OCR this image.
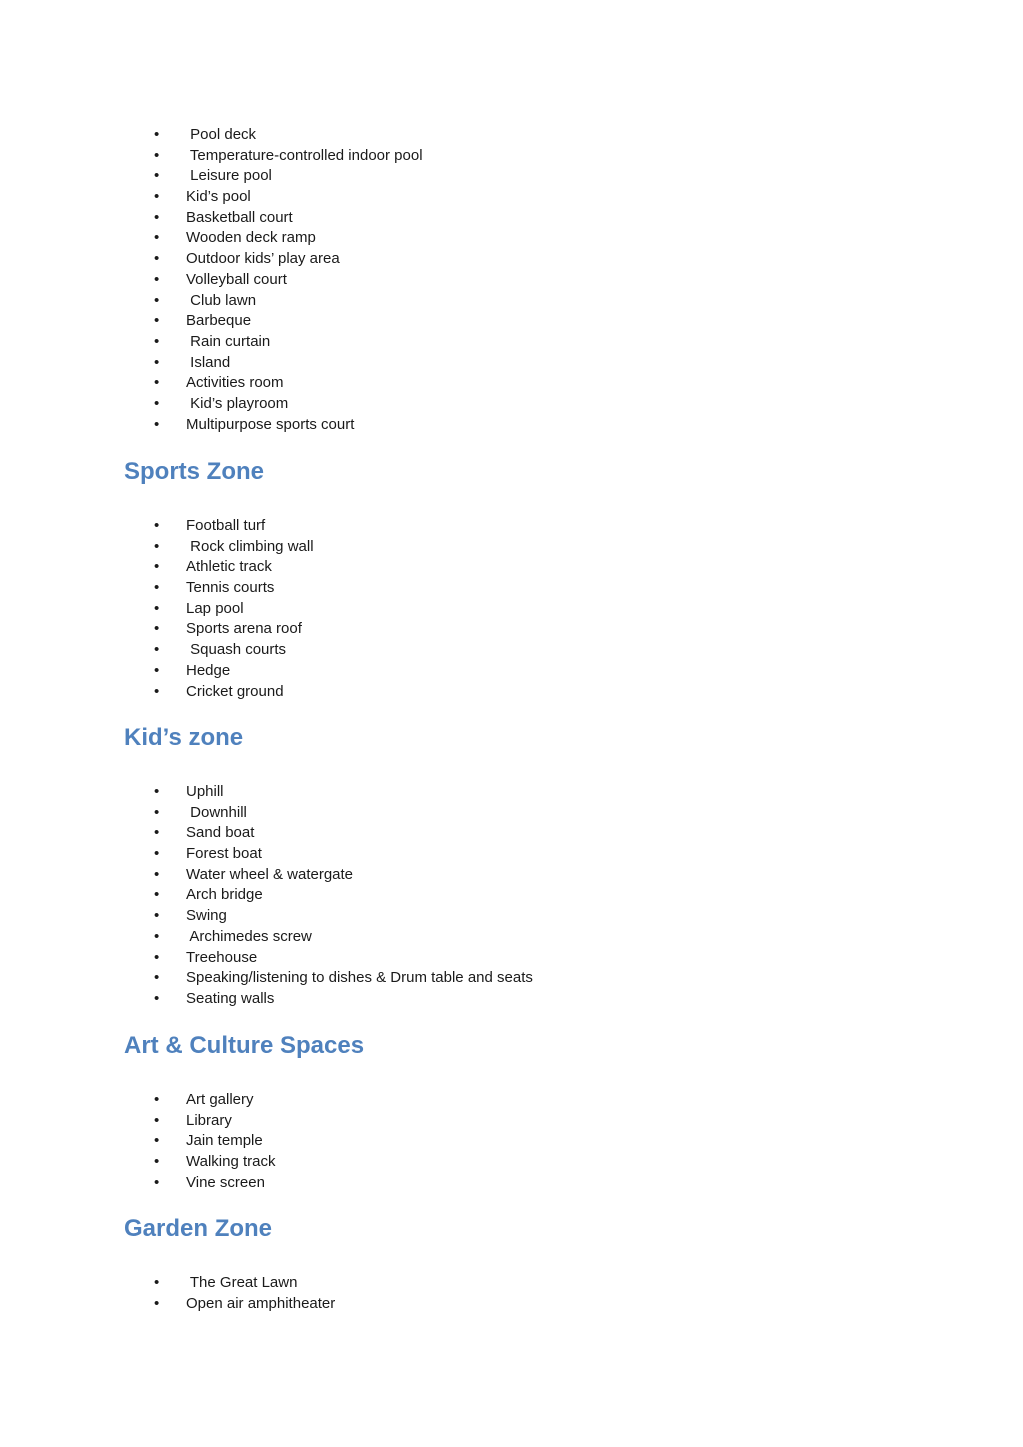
•  Pool deck
•  Temperature-controlled indoor pool
•  Leisure pool
• Kid’s pool
• Basketball court
• Wooden deck ramp
• Outdoor kids’ play area
• Volleyball court
•  Club lawn
• Barbeque
•  Rain curtain
•  Island
• Activities room
•  Kid’s playroom
• Multipurpose sports court
Sports Zone
• Football turf
•  Rock climbing wall
• Athletic track
• Tennis courts
• Lap pool
• Sports arena roof
•  Squash courts
• Hedge
• Cricket ground
Kid’s zone
• Uphill
•  Downhill
• Sand boat
• Forest boat
• Water wheel & watergate
• Arch bridge
• Swing
•  Archimedes screw
• Treehouse
• Speaking/listening to dishes & Drum table and seats
• Seating walls
Art & Culture Spaces
• Art gallery
• Library
• Jain temple
• Walking track
• Vine screen
Garden Zone
•  The Great Lawn
• Open air amphitheater
